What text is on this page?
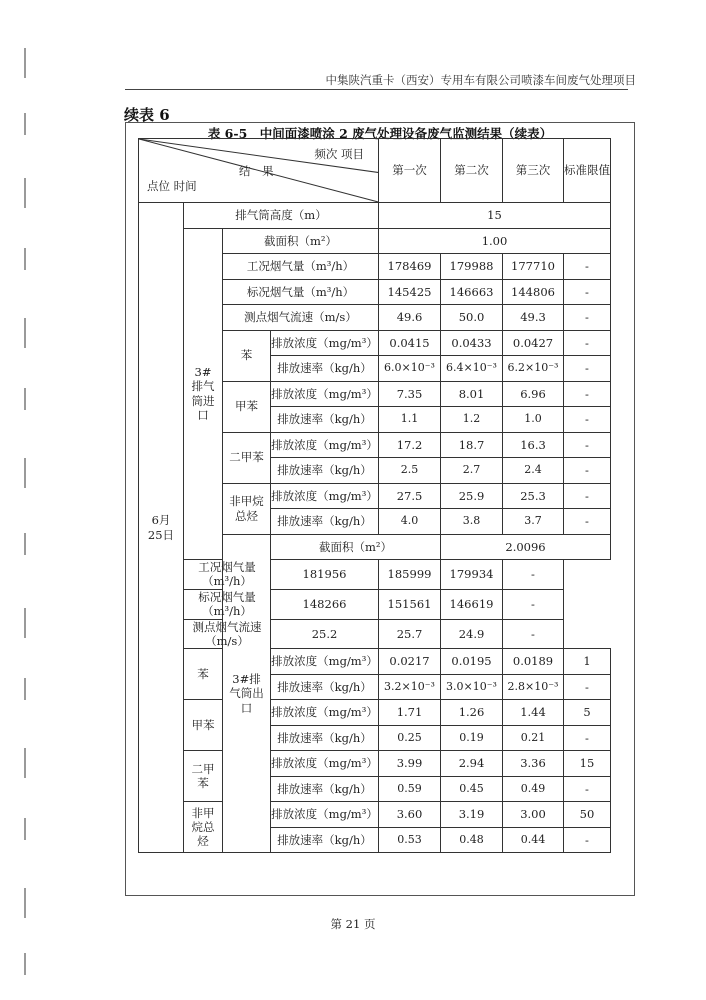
中集陕汽重卡（西安）专用车有限公司喷漆车间废气处理项目
续表 6
表 6-5　中间面漆喷涂 2 废气处理设备废气监测结果（续表）
频次 项目
结　果
点位 时间				第一次	第二次	第三次	标准限值
6月25日	排气筒高度（m）			15			
	3#排气筒进口	截面积（m²）		1.00			
		工况烟气量（m³/h）		178469	179988	177710	-
		标况烟气量（m³/h）		145425	146663	144806	-
		测点烟气流速（m/s）		49.6	50.0	49.3	-
		苯	排放浓度（mg/m³）	0.0415	0.0433	0.0427	-
			排放速率（kg/h）	6.0×10⁻³	6.4×10⁻³	6.2×10⁻³	-
		甲苯	排放浓度（mg/m³）	7.35	8.01	6.96	-
			排放速率（kg/h）	1.1	1.2	1.0	-
		二甲苯	排放浓度（mg/m³）	17.2	18.7	16.3	-
			排放速率（kg/h）	2.5	2.7	2.4	-
		非甲烷总烃	排放浓度（mg/m³）	27.5	25.9	25.3	-
			排放速率（kg/h）	4.0	3.8	3.7	-
		3#排气筒出口	截面积（m²）		2.0096		
	工况烟气量（m³/h）		181956	185999	179934	-	
	标况烟气量（m³/h）		148266	151561	146619	-	
	测点烟气流速（m/s）		25.2	25.7	24.9	-	
	苯		排放浓度（mg/m³）	0.0217	0.0195	0.0189	1
			排放速率（kg/h）	3.2×10⁻³	3.0×10⁻³	2.8×10⁻³	-
	甲苯		排放浓度（mg/m³）	1.71	1.26	1.44	5
			排放速率（kg/h）	0.25	0.19	0.21	-
	二甲苯		排放浓度（mg/m³）	3.99	2.94	3.36	15
			排放速率（kg/h）	0.59	0.45	0.49	-
	非甲烷总烃		排放浓度（mg/m³）	3.60	3.19	3.00	50
			排放速率（kg/h）	0.53	0.48	0.44	-
第 21 页
